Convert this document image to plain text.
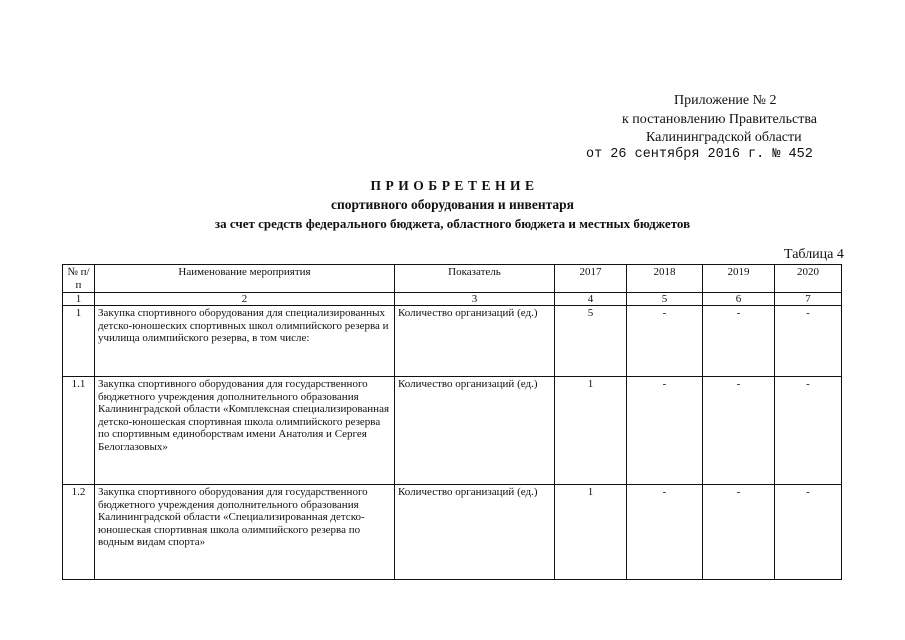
Приложение № 2
к постановлению Правительства
Калининградской области
от 26 сентября 2016 г. № 452
ПРИОБРЕТЕНИЕ
спортивного оборудования и инвентаря
за счет средств федерального бюджета, областного бюджета и местных бюджетов
Таблица 4
№ п/п	Наименование мероприятия	Показатель	2017	2018	2019	2020
1	2	3	4	5	6	7
1	Закупка спортивного оборудования для специализированных детско-юношеских спортивных школ олимпийского резерва и училища олимпийского резерва, в том числе:	Количество организаций (ед.)	5	-	-	-
1.1	Закупка спортивного оборудования для государственного бюджетного учреждения дополнительного образования Калининградской области «Комплексная специализированная детско-юношеская спортивная школа олимпийского резерва по спортивным единоборствам имени Анатолия и Сергея Белоглазовых»	Количество организаций (ед.)	1	-	-	-
1.2	Закупка спортивного оборудования для государственного бюджетного учреждения дополнительного образования Калининградской области «Специализированная детско-юношеская спортивная школа олимпийского резерва по водным видам спорта»	Количество организаций (ед.)	1	-	-	-
